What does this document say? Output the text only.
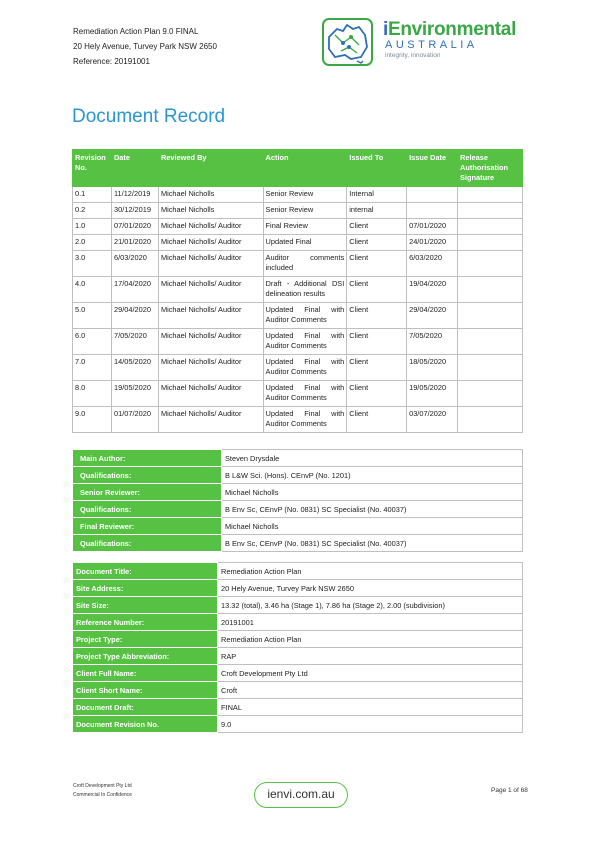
Remediation Action Plan 9.0 FINAL
20 Hely Avenue, Turvey Park NSW 2650
Reference: 20191001
iEnvironmental
AUSTRALIA
integrity, innovation
Document Record
Revision No.	Date	Reviewed By	Action	Issued To	Issue Date	Release Authorisation Signature
0.1	11/12/2019	Michael Nicholls	Senior Review	Internal		
0.2	30/12/2019	Michael Nicholls	Senior Review	internal		
1.0	07/01/2020	Michael Nicholls/ Auditor	Final Review	Client	07/01/2020	
2.0	21/01/2020	Michael Nicholls/ Auditor	Updated Final	Client	24/01/2020	
3.0	6/03/2020	Michael Nicholls/ Auditor	Auditor comments included	Client	6/03/2020	
4.0	17/04/2020	Michael Nicholls/ Auditor	Draft - Additional DSI delineation results	Client	19/04/2020	
5.0	29/04/2020	Michael Nicholls/ Auditor	Updated Final with Auditor Comments	Client	29/04/2020	
6.0	7/05/2020	Michael Nicholls/ Auditor	Updated Final with Auditor Comments	Client	7/05/2020	
7.0	14/05/2020	Michael Nicholls/ Auditor	Updated Final with Auditor Comments	Client	18/05/2020	
8.0	19/05/2020	Michael Nicholls/ Auditor	Updated Final with Auditor Comments	Client	19/05/2020	
9.0	01/07/2020	Michael Nicholls/ Auditor	Updated Final with Auditor Comments	Client	03/07/2020	
Main Author:	Steven Drysdale
Qualifications:	B L&W Sci. (Hons). CEnvP (No. 1201)
Senior Reviewer:	Michael Nicholls
Qualifications:	B Env Sc, CEnvP (No. 0831) SC Specialist (No. 40037)
Final Reviewer:	Michael Nicholls
Qualifications:	B Env Sc, CEnvP (No. 0831) SC Specialist (No. 40037)
Document Title:	Remediation Action Plan
Site Address:	20 Hely Avenue, Turvey Park NSW 2650
Site Size:	13.32 (total), 3.46 ha (Stage 1), 7.86 ha (Stage 2), 2.00 (subdivision)
Reference Number:	20191001
Project Type:	Remediation Action Plan
Project Type Abbreviation:	RAP
Client Full Name:	Croft Development Pty Ltd
Client Short Name:	Croft
Document Draft:	FINAL
Document Revision No.	9.0
Croft Development Pty Ltd
Commercial In Confidence	ienvi.com.au	Page 1 of 68
